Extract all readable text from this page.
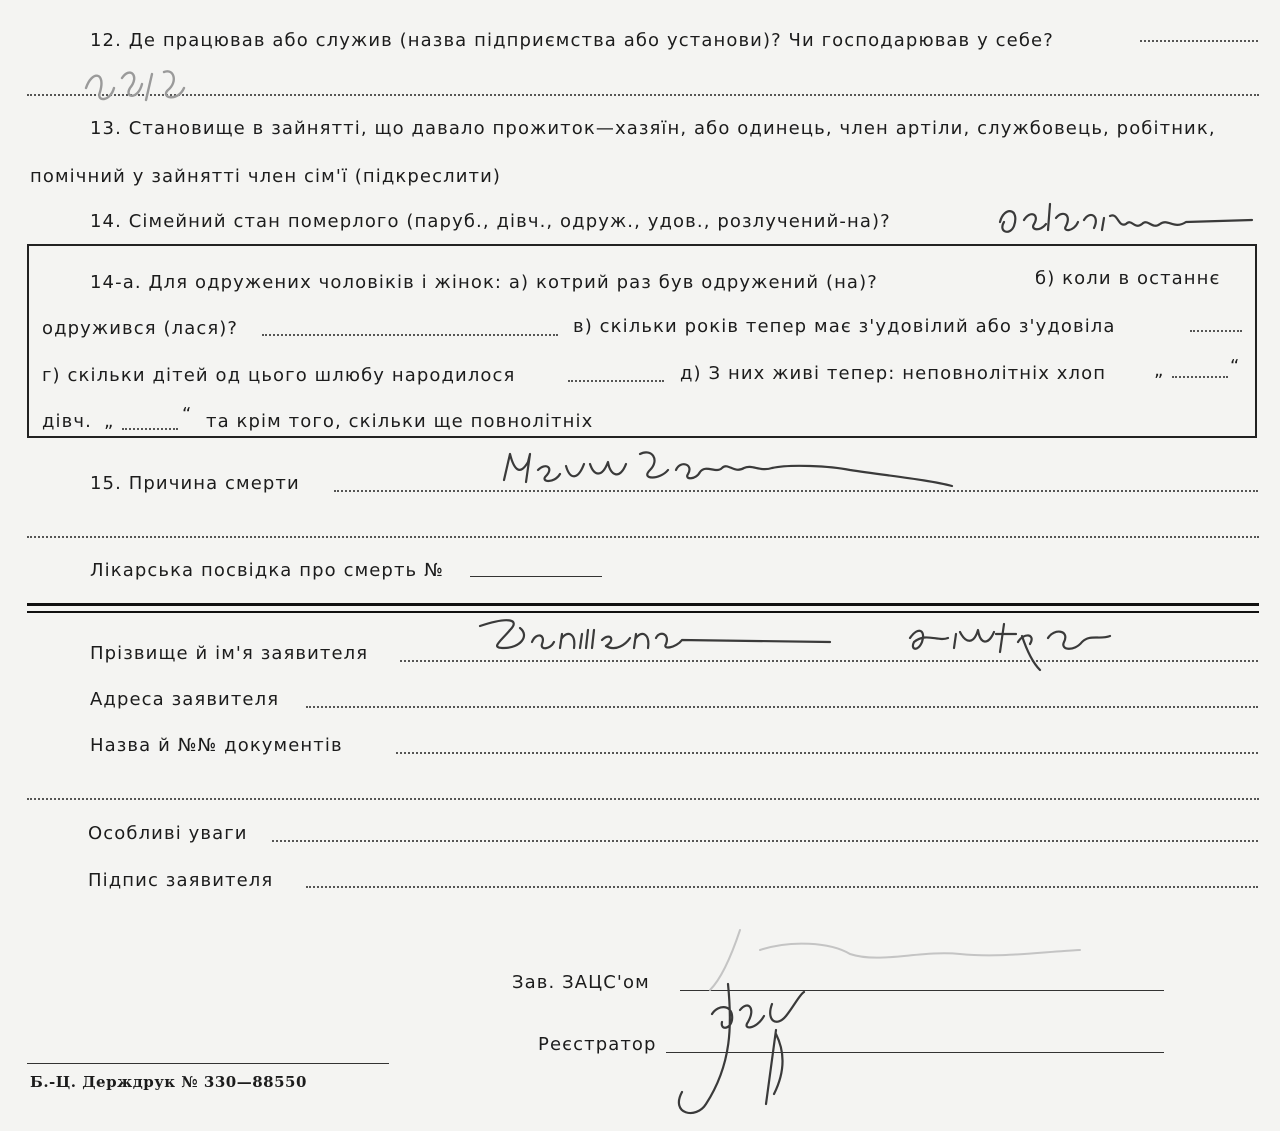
12. Де працював або служив (назва підприємства або установи)? Чи господарював у себе?
13. Становище в зайнятті, що давало прожиток—хазяїн, або одинець, член артіли, службовець, робітник,
помічний у зайнятті член сім'ї (підкреслити)
14. Сімейний стан померлого (паруб., дівч., одруж., удов., розлучений-на)?
14-а. Для одружених чоловіків і жінок: а) котрий раз був одружений (на)?	б) коли в останнє
одружився (лася)?	в) скільки років тепер має з'удовілий або з'удовіла
г) скільки дітей од цього шлюбу народилося	д) З них живі тепер: неповнолітніх хлоп	„	“
дівч. „	“ та крім того, скільки ще повнолітніх
15. Причина смерти
Лікарська посвідка про смерть №
Прізвище й ім'я заявителя
Адреса заявителя
Назва й №№ документів
Особливі уваги
Підпис заявителя
Зав. ЗАЦС'ом
Реєстратор
Б.-Ц. Держдрук № 330—88550
